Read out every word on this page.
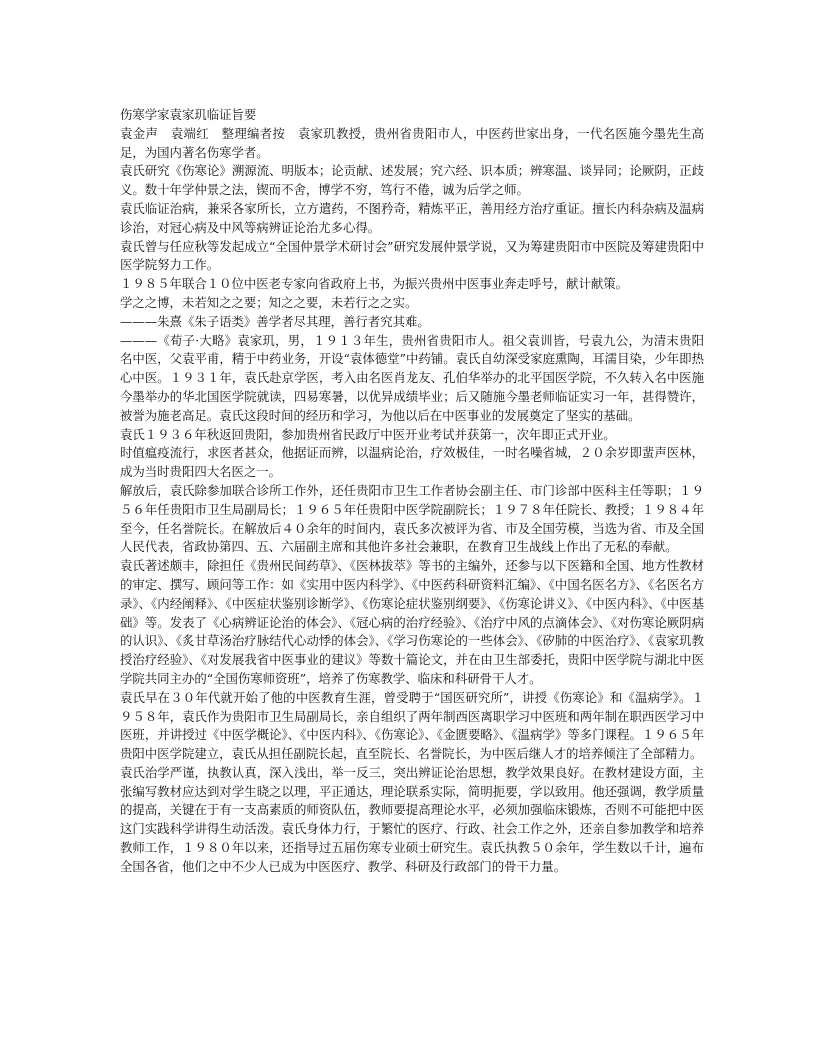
伤寒学家袁家玑临证旨要

袁金声　袁端红　整理编者按　袁家玑教授，贵州省贵阳市人，中医药世家出身，一代名医施今墨先生高足，为国内著名伤寒学者。

袁氏研究《伤寒论》溯源流、明版本；论贡献、述发展；究六经、识本质；辨寒温、谈异同；论厥阴，正歧义。数十年学仲景之法，锲而不舍，博学不穷，笃行不倦，诚为后学之师。

袁氏临证治病，兼采各家所长，立方遣药，不图矜奇，精炼平正，善用经方治疗重证。擅长内科杂病及温病诊治，对冠心病及中风等病辨证论治尤多心得。

袁氏曾与任应秋等发起成立“全国仲景学术研讨会”研究发展仲景学说，又为筹建贵阳市中医院及筹建贵阳中医学院努力工作。

１９８５年联合１０位中医老专家向省政府上书，为振兴贵州中医事业奔走呼号，献计献策。

学之之博，未若知之之要；知之之要，未若行之之实。

———朱熹《朱子语类》善学者尽其理，善行者究其难。

———《荀子·大略》袁家玑，男，１９１３年生，贵州省贵阳市人。祖父袁训皆，号袁九公，为清末贵阳名中医，父袁平甫，精于中药业务，开设“袁体德堂”中药铺。袁氏自幼深受家庭熏陶，耳濡目染，少年即热心中医。１９３１年，袁氏赴京学医，考入由名医肖龙友、孔伯华举办的北平国医学院，不久转入名中医施今墨举办的华北国医学院就读，四易寒暑，以优异成绩毕业；后又随施今墨老师临证实习一年，甚得赞许，被誉为施老高足。袁氏这段时间的经历和学习，为他以后在中医事业的发展奠定了坚实的基础。

袁氏１９３６年秋返回贵阳，参加贵州省民政厅中医开业考试并获第一，次年即正式开业。

时值瘟疫流行，求医者甚众，他据证而辨，以温病论治，疗效极佳，一时名噪省城，２０余岁即蜚声医林，成为当时贵阳四大名医之一。

解放后，袁氏除参加联合诊所工作外，还任贵阳市卫生工作者协会副主任、市门诊部中医科主任等职；１９５６年任贵阳市卫生局副局长；１９６５年任贵阳中医学院副院长；１９７８年任院长、教授；１９８４年至今，任名誉院长。在解放后４０余年的时间内，袁氏多次被评为省、市及全国劳模，当选为省、市及全国人民代表，省政协第四、五、六届副主席和其他许多社会兼职，在教育卫生战线上作出了无私的奉献。

袁氏著述颇丰，除担任《贵州民间药草》、《医林拔萃》等书的主编外，还参与以下医籍和全国、地方性教材的审定、撰写、顾问等工作：如《实用中医内科学》、《中医药科研资料汇编》、《中国名医名方》、《名医名方录》、《内经阐释》、《中医症状鉴别诊断学》、《伤寒论症状鉴别纲要》、《伤寒论讲义》、《中医内科》、《中医基础》等。发表了《心病辨证论治的体会》、《冠心病的治疗经验》、《治疗中风的点滴体会》、《对伤寒论厥阴病的认识》、《炙甘草汤治疗脉结代心动悸的体会》、《学习伤寒论的一些体会》、《矽肺的中医治疗》、《袁家玑教授治疗经验》、《对发展我省中医事业的建议》等数十篇论文，并在由卫生部委托，贵阳中医学院与湖北中医学院共同主办的“全国伤寒师资班”，培养了伤寒教学、临床和科研骨干人才。

袁氏早在３０年代就开始了他的中医教育生涯，曾受聘于“国医研究所”，讲授《伤寒论》和《温病学》。１９５８年，袁氏作为贵阳市卫生局副局长，亲自组织了两年制西医离职学习中医班和两年制在职西医学习中医班，并讲授过《中医学概论》、《中医内科》、《伤寒论》、《金匮要略》、《温病学》等多门课程。１９６５年贵阳中医学院建立，袁氏从担任副院长起，直至院长、名誉院长，为中医后继人才的培养倾注了全部精力。

袁氏治学严谨，执教认真，深入浅出，举一反三，突出辨证论治思想，教学效果良好。在教材建设方面，主张编写教材应达到对学生晓之以理，平正通达，理论联系实际，简明扼要，学以致用。他还强调，教学质量的提高，关键在于有一支高素质的师资队伍，教师要提高理论水平，必须加强临床锻炼，否则不可能把中医这门实践科学讲得生动活泼。袁氏身体力行，于繁忙的医疗、行政、社会工作之外，还亲自参加教学和培养教师工作，１９８０年以来，还指导过五届伤寒专业硕士研究生。袁氏执教５０余年，学生数以千计，遍布全国各省，他们之中不少人已成为中医医疗、教学、科研及行政部门的骨干力量。
